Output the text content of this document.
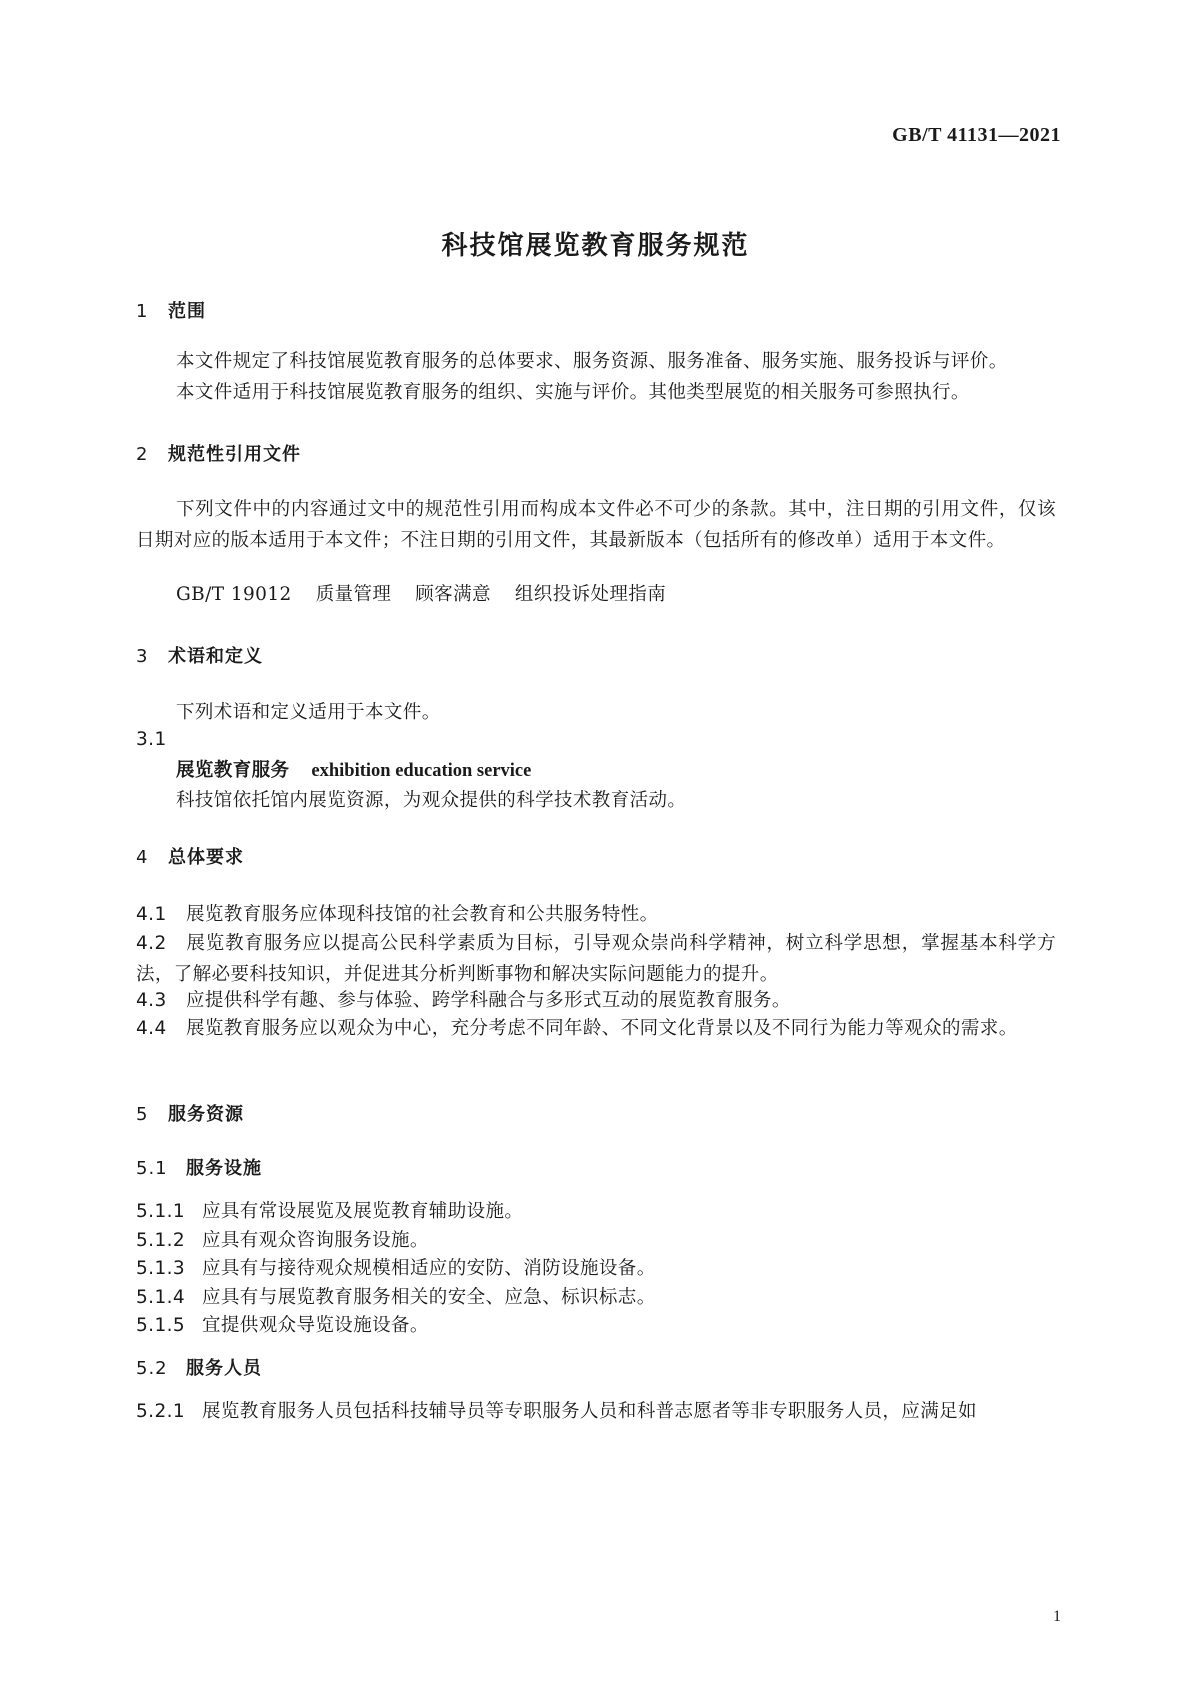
GB/T 41131—2021
科技馆展览教育服务规范
1 范围
本文件规定了科技馆展览教育服务的总体要求、服务资源、服务准备、服务实施、服务投诉与评价。
本文件适用于科技馆展览教育服务的组织、实施与评价。其他类型展览的相关服务可参照执行。
2 规范性引用文件
下列文件中的内容通过文中的规范性引用而构成本文件必不可少的条款。其中，注日期的引用文件，仅该日期对应的版本适用于本文件；不注日期的引用文件，其最新版本（包括所有的修改单）适用于本文件。
GB/T 19012 质量管理 顾客满意 组织投诉处理指南
3 术语和定义
下列术语和定义适用于本文件。
3.1
展览教育服务 exhibition education service
科技馆依托馆内展览资源，为观众提供的科学技术教育活动。
4 总体要求
4.1 展览教育服务应体现科技馆的社会教育和公共服务特性。
4.2 展览教育服务应以提高公民科学素质为目标，引导观众崇尚科学精神，树立科学思想，掌握基本科学方法，了解必要科技知识，并促进其分析判断事物和解决实际问题能力的提升。
4.3 应提供科学有趣、参与体验、跨学科融合与多形式互动的展览教育服务。
4.4 展览教育服务应以观众为中心，充分考虑不同年龄、不同文化背景以及不同行为能力等观众的需求。
5 服务资源
5.1 服务设施
5.1.1 应具有常设展览及展览教育辅助设施。
5.1.2 应具有观众咨询服务设施。
5.1.3 应具有与接待观众规模相适应的安防、消防设施设备。
5.1.4 应具有与展览教育服务相关的安全、应急、标识标志。
5.1.5 宜提供观众导览设施设备。
5.2 服务人员
5.2.1 展览教育服务人员包括科技辅导员等专职服务人员和科普志愿者等非专职服务人员，应满足如
1
